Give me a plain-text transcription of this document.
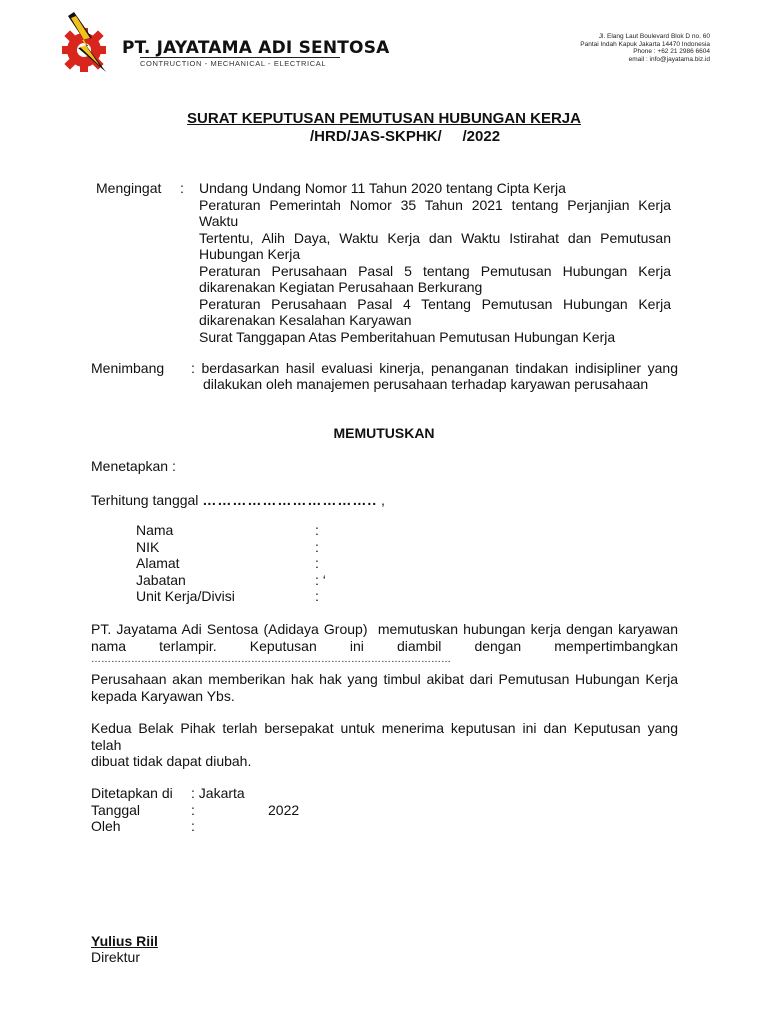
PT. JAYATAMA ADI SENTOSA
CONTRUCTION - MECHANICAL - ELECTRICAL
Jl. Elang Laut Boulevard Blok D no. 60
Pantai Indah Kapuk Jakarta 14470 Indonesia
Phone : +62 21 2986 6604
email : info@jayatama.biz.id
SURAT KEPUTUSAN PEMUTUSAN HUBUNGAN KERJA
/HRD/JAS-SKPHK/     /2022
Mengingat : Undang Undang Nomor 11 Tahun 2020 tentang Cipta Kerja
Peraturan Pemerintah Nomor 35 Tahun 2021 tentang Perjanjian Kerja Waktu
Tertentu, Alih Daya, Waktu Kerja dan Waktu Istirahat dan Pemutusan
Hubungan Kerja
Peraturan Perusahaan Pasal 5 tentang Pemutusan Hubungan Kerja
dikarenakan Kegiatan Perusahaan Berkurang
Peraturan Perusahaan Pasal 4 Tentang Pemutusan Hubungan Kerja
dikarenakan Kesalahan Karyawan
Surat Tanggapan Atas Pemberitahuan Pemutusan Hubungan Kerja
Menimbang : berdasarkan hasil evaluasi kinerja, penanganan tindakan indisipliner yang
dilakukan oleh manajemen perusahaan terhadap karyawan perusahaan
MEMUTUSKAN
Menetapkan :
Terhitung tanggal …………………………….. ,
Nama	:
NIK	:
Alamat	:
Jabatan	: ‘
Unit Kerja/Divisi	:
PT. Jayatama Adi Sentosa (Adidaya Group)  memutuskan hubungan kerja dengan karyawan
nama terlampir. Keputusan ini diambil dengan mempertimbangkan
………………………………………………………………………………………………
Perusahaan akan memberikan hak hak yang timbul akibat dari Pemutusan Hubungan Kerja
kepada Karyawan Ybs.
Kedua Belak Pihak terlah bersepakat untuk menerima keputusan ini dan Keputusan yang telah
dibuat tidak dapat diubah.
Ditetapkan di : Jakarta
Tanggal	:	2022
Oleh	:
Yulius Riil
Direktur
